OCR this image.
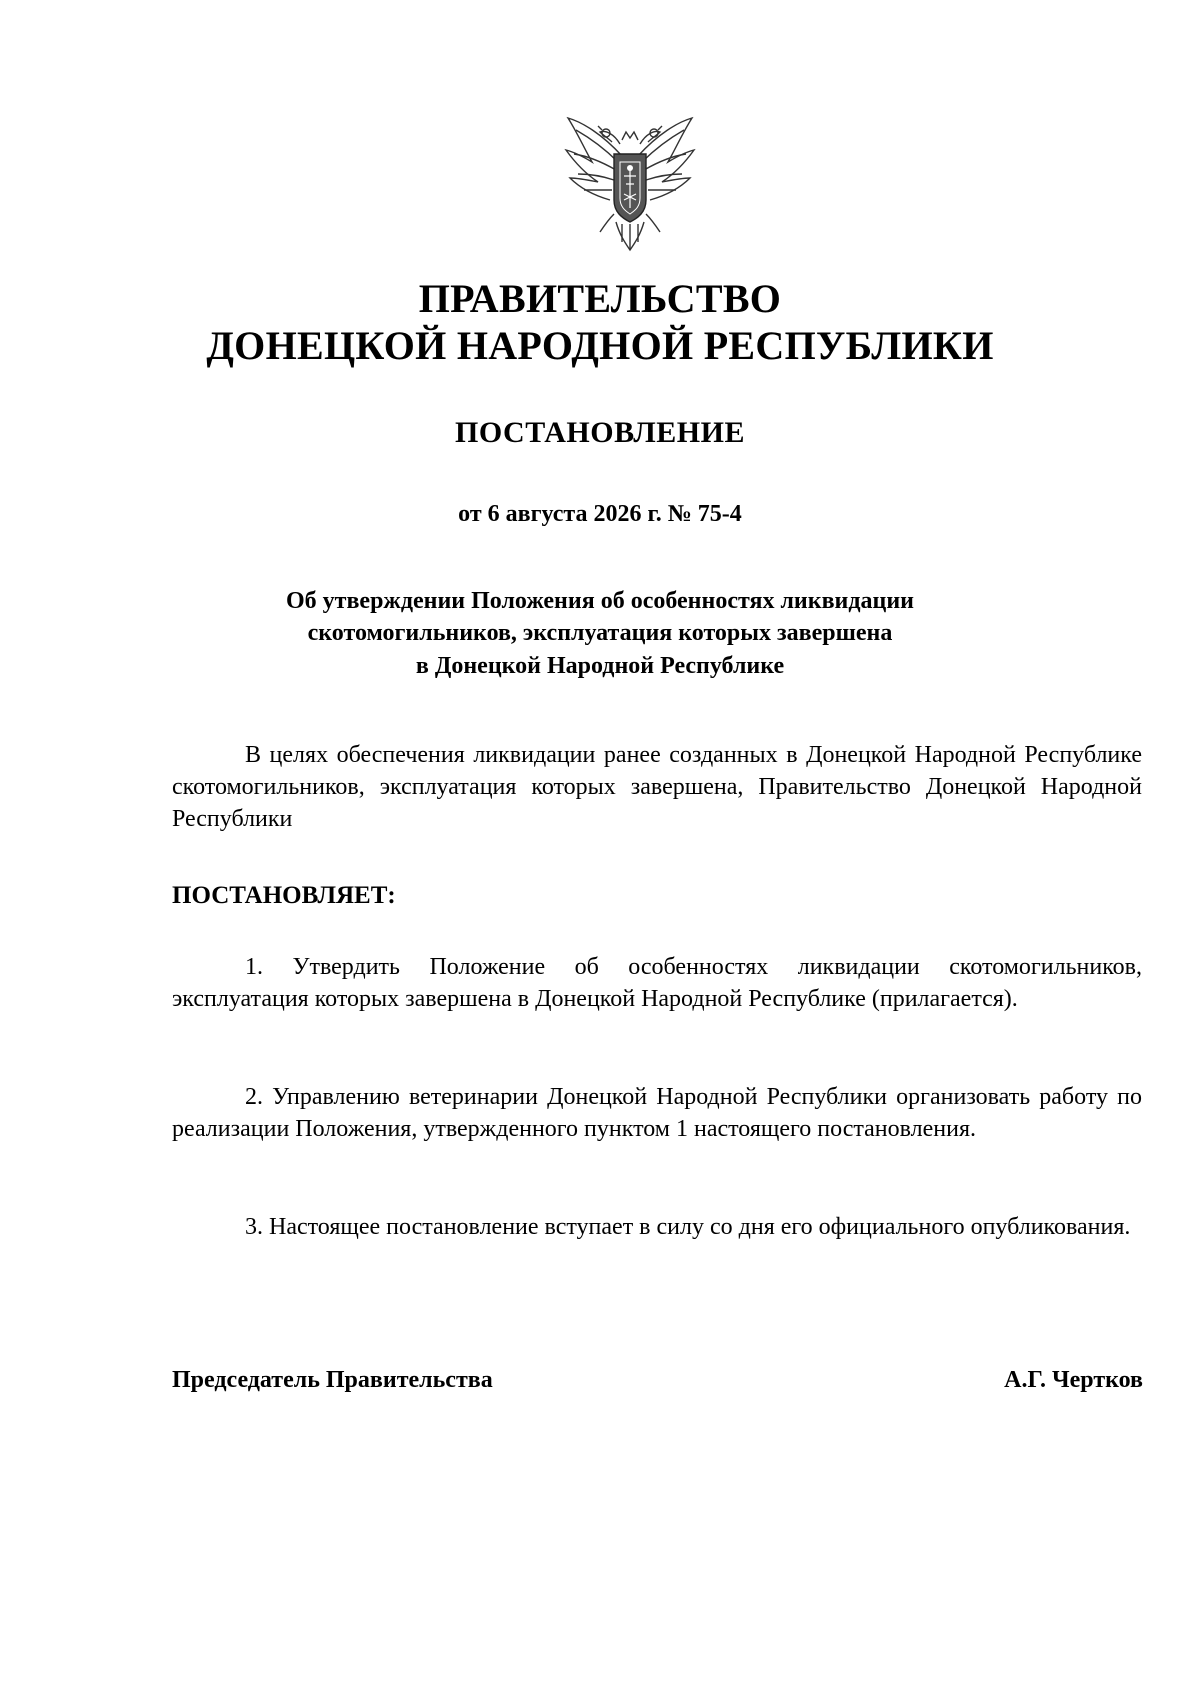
ПРАВИТЕЛЬСТВО
ДОНЕЦКОЙ НАРОДНОЙ РЕСПУБЛИКИ
ПОСТАНОВЛЕНИЕ
от 6 августа 2026 г. № 75-4
Об утверждении Положения об особенностях ликвидации
скотомогильников, эксплуатация которых завершена
в Донецкой Народной Республике
В целях обеспечения ликвидации ранее созданных в Донецкой Народной Республике скотомогильников, эксплуатация которых завершена, Правительство Донецкой Народной Республики
ПОСТАНОВЛЯЕТ:
1. Утвердить Положение об особенностях ликвидации скотомогильников, эксплуатация которых завершена в Донецкой Народной Республике (прилагается).
2. Управлению ветеринарии Донецкой Народной Республики организовать работу по реализации Положения, утвержденного пунктом 1 настоящего постановления.
3. Настоящее постановление вступает в силу со дня его официального опубликования.
Председатель Правительства	А.Г. Чертков
